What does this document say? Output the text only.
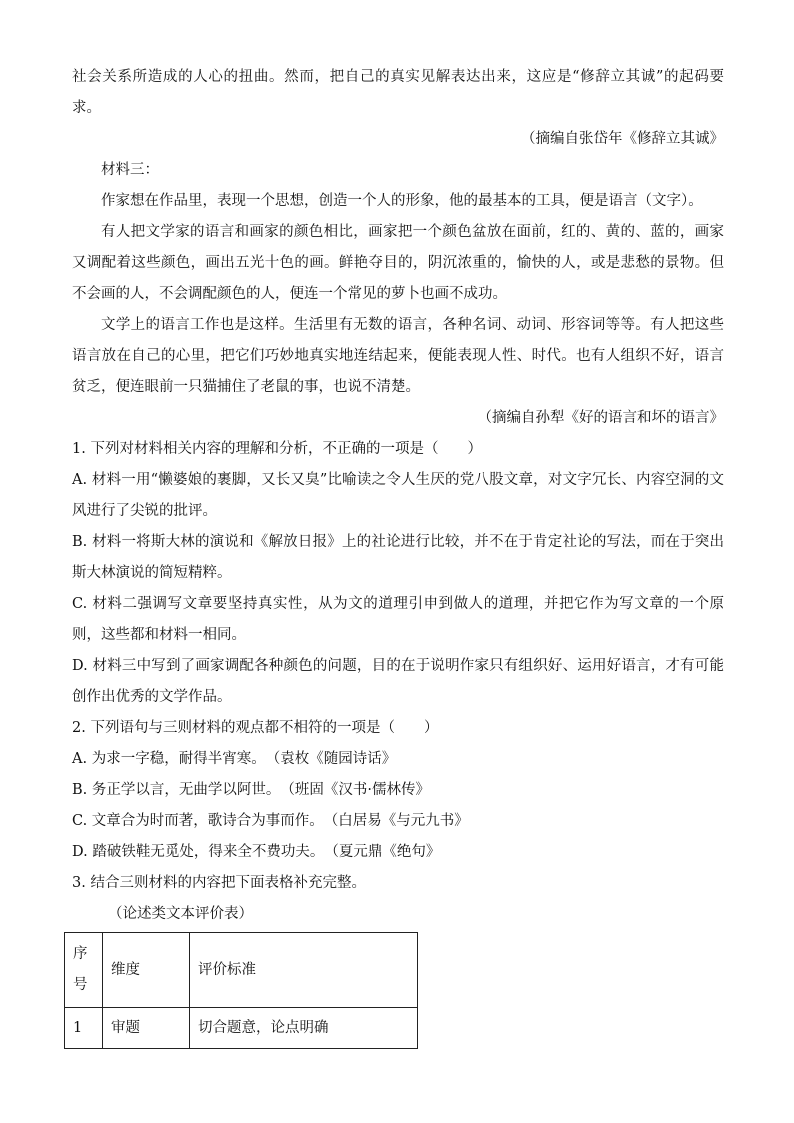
社会关系所造成的人心的扭曲。然而，把自己的真实见解表达出来，这应是“修辞立其诚”的起码要求。

（摘编自张岱年《修辞立其诚》

材料三：

作家想在作品里，表现一个思想，创造一个人的形象，他的最基本的工具，便是语言（文字）。

有人把文学家的语言和画家的颜色相比，画家把一个颜色盆放在面前，红的、黄的、蓝的，画家又调配着这些颜色，画出五光十色的画。鲜艳夺目的，阴沉浓重的，愉快的人，或是悲愁的景物。但不会画的人，不会调配颜色的人，便连一个常见的萝卜也画不成功。

文学上的语言工作也是这样。生活里有无数的语言，各种名词、动词、形容词等等。有人把这些语言放在自己的心里，把它们巧妙地真实地连结起来，便能表现人性、时代。也有人组织不好，语言贫乏，便连眼前一只猫捕住了老鼠的事，也说不清楚。

（摘编自孙犁《好的语言和坏的语言》

1. 下列对材料相关内容的理解和分析，不正确的一项是（　　）

A. 材料一用“懒婆娘的裹脚，又长又臭”比喻读之令人生厌的党八股文章，对文字冗长、内容空洞的文风进行了尖锐的批评。

B. 材料一将斯大林的演说和《解放日报》上的社论进行比较，并不在于肯定社论的写法，而在于突出斯大林演说的简短精粹。

C. 材料二强调写文章要坚持真实性，从为文的道理引申到做人的道理，并把它作为写文章的一个原则，这些都和材料一相同。

D. 材料三中写到了画家调配各种颜色的问题，目的在于说明作家只有组织好、运用好语言，才有可能创作出优秀的文学作品。

2. 下列语句与三则材料的观点都不相符的一项是（　　）

A. 为求一字稳，耐得半宵寒。　（袁枚《随园诗话》

B. 务正学以言，无曲学以阿世。　（班固《汉书·儒林传》

C. 文章合为时而著，歌诗合为事而作。　（白居易《与元九书》

D. 踏破铁鞋无觅处，得来全不费功夫。　（夏元鼎《绝句》

3. 结合三则材料的内容把下面表格补充完整。

（论述类文本评价表）

序号	维度	评价标准
1	审题	切合题意，论点明确
